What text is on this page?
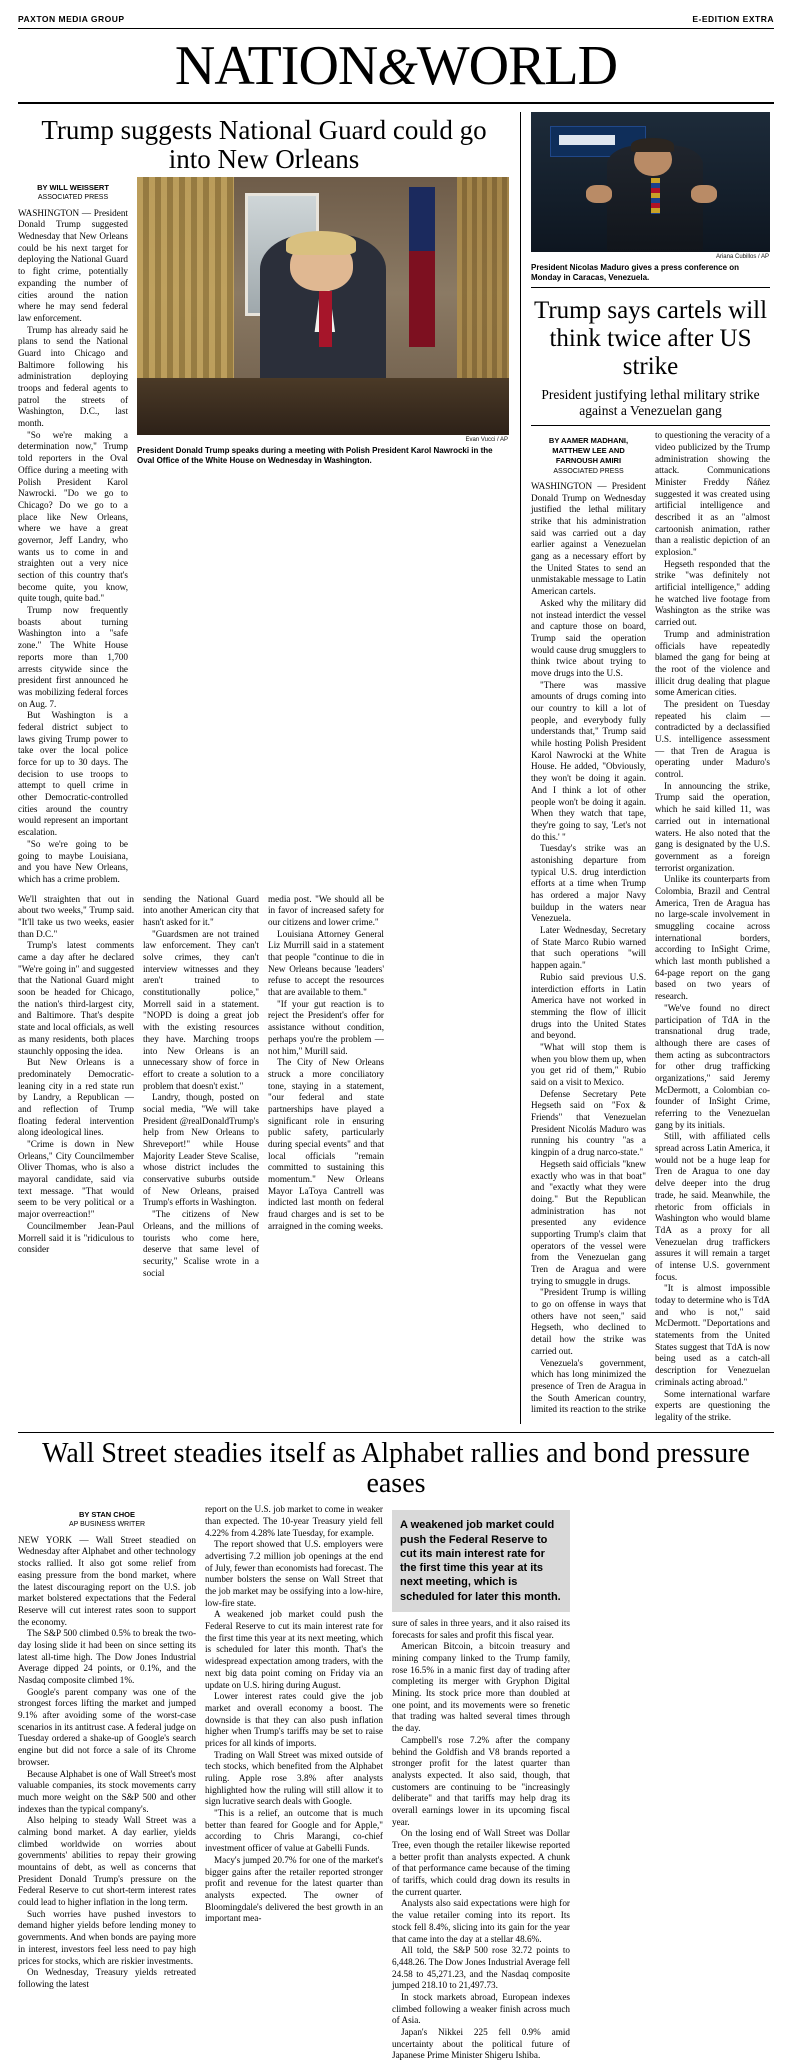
PAXTON MEDIA GROUP	E-EDITION EXTRA
NATION&WORLD
Trump suggests National Guard could go into New Orleans
BY WILL WEISSERT
ASSOCIATED PRESS

WASHINGTON — President Donald Trump suggested Wednesday that New Orleans could be his next target for deploying the National Guard to fight crime, potentially expanding the number of cities around the nation where he may send federal law enforcement.

Trump has already said he plans to send the National Guard into Chicago and Baltimore following his administration deploying troops and federal agents to patrol the streets of Washington, D.C., last month.

"So we're making a determination now," Trump told reporters in the Oval Office during a meeting with Polish President Karol Nawrocki. "Do we go to Chicago? Do we go to a place like New Orleans, where we have a great governor, Jeff Landry, who wants us to come in and straighten out a very nice section of this country that's become quite, you know, quite tough, quite bad."

Trump now frequently boasts about turning Washington into a "safe zone." The White House reports more than 1,700 arrests citywide since the president first announced he was mobilizing federal forces on Aug. 7.

But Washington is a federal district subject to laws giving Trump power to take over the local police force for up to 30 days. The decision to use troops to attempt to quell crime in other Democratic-controlled cities around the country would represent an important escalation.

"So we're going to be going to maybe Louisiana, and you have New Orleans, which has a crime problem.

Evan Vucci / AP
President Donald Trump speaks during a meeting with Polish President Karol Nawrocki in the Oval Office of the White House on Wednesday in Washington.

We'll straighten that out in about two weeks," Trump said. "It'll take us two weeks, easier than D.C."

Trump's latest comments came a day after he declared "We're going in" and suggested that the National Guard might soon be headed for Chicago, the nation's third-largest city, and Baltimore. That's despite state and local officials, as well as many residents, both places staunchly opposing the idea.

But New Orleans is a predominately Democratic-leaning city in a red state run by Landry, a Republican — and reflection of Trump floating federal intervention along ideological lines.

"Crime is down in New Orleans," City Councilmember Oliver Thomas, who is also a mayoral candidate, said via text message. "That would seem to be very political or a major overreaction!"

Councilmember Jean-Paul Morrell said it is "ridiculous to consider

sending the National Guard into another American city that hasn't asked for it."

"Guardsmen are not trained law enforcement. They can't solve crimes, they can't interview witnesses and they aren't trained to constitutionally police," Morrell said in a statement. "NOPD is doing a great job with the existing resources they have. Marching troops into New Orleans is an unnecessary show of force in effort to create a solution to a problem that doesn't exist."

Landry, though, posted on social media, "We will take President @realDonaldTrump's help from New Orleans to Shreveport!" while House Majority Leader Steve Scalise, whose district includes the conservative suburbs outside of New Orleans, praised Trump's efforts in Washington.

"The citizens of New Orleans, and the millions of tourists who come here, deserve that same level of security," Scalise wrote in a social

media post. "We should all be in favor of increased safety for our citizens and lower crime."

Louisiana Attorney General Liz Murrill said in a statement that people "continue to die in New Orleans because 'leaders' refuse to accept the resources that are available to them."

"If your gut reaction is to reject the President's offer for assistance without condition, perhaps you're the problem — not him," Murill said.

The City of New Orleans struck a more conciliatory tone, staying in a statement, "our federal and state partnerships have played a significant role in ensuring public safety, particularly during special events" and that local officials "remain committed to sustaining this momentum." New Orleans Mayor LaToya Cantrell was indicted last month on federal fraud charges and is set to be arraigned in the coming weeks.

Ariana Cubillos / AP
President Nicolas Maduro gives a press conference on Monday in Caracas, Venezuela.
Trump says cartels will think twice after US strike
President justifying lethal military strike against a Venezuelan gang
BY AAMER MADHANI, MATTHEW LEE AND FARNOUSH AMIRI
ASSOCIATED PRESS

WASHINGTON — President Donald Trump on Wednesday justified the lethal military strike that his administration said was carried out a day earlier against a Venezuelan gang as a necessary effort by the United States to send an unmistakable message to Latin American cartels.

Asked why the military did not instead interdict the vessel and capture those on board, Trump said the operation would cause drug smugglers to think twice about trying to move drugs into the U.S.

"There was massive amounts of drugs coming into our country to kill a lot of people, and everybody fully understands that," Trump said while hosting Polish President Karol Nawrocki at the White House. He added, "Obviously, they won't be doing it again. And I think a lot of other people won't be doing it again. When they watch that tape, they're going to say, 'Let's not do this.' "

Tuesday's strike was an astonishing departure from typical U.S. drug interdiction efforts at a time when Trump has ordered a major Navy buildup in the waters near Venezuela.

Later Wednesday, Secretary of State Marco Rubio warned that such operations "will happen again."

Rubio said previous U.S. interdiction efforts in Latin America have not worked in stemming the flow of illicit drugs into the United States and beyond.

"What will stop them is when you blow them up, when you get rid of them," Rubio said on a visit to Mexico.

Defense Secretary Pete Hegseth said on "Fox & Friends" that Venezuelan President Nicolás Maduro was running his country "as a kingpin of a drug narco-state."

Hegseth said officials "knew exactly who was in that boat" and "exactly what they were doing." But the Republican administration has not presented any evidence supporting Trump's claim that operators of the vessel were from the Venezuelan gang Tren de Aragua and were trying to smuggle in drugs.

"President Trump is willing to go on offense in ways that others have not seen," said Hegseth, who declined to detail how the strike was carried out.

Venezuela's government, which has long minimized the presence of Tren de Aragua in the South American country, limited its reaction to the strike to questioning the veracity of a video publicized by the Trump administration showing the attack. Communications Minister Freddy Ñáñez suggested it was created using artificial intelligence and described it as an "almost cartoonish animation, rather than a realistic depiction of an explosion."

Hegseth responded that the strike "was definitely not artificial intelligence," adding he watched live footage from Washington as the strike was carried out.

Trump and administration officials have repeatedly blamed the gang for being at the root of the violence and illicit drug dealing that plague some American cities.

The president on Tuesday repeated his claim — contradicted by a declassified U.S. intelligence assessment — that Tren de Aragua is operating under Maduro's control.

In announcing the strike, Trump said the operation, which he said killed 11, was carried out in international waters. He also noted that the gang is designated by the U.S. government as a foreign terrorist organization.

Unlike its counterparts from Colombia, Brazil and Central America, Tren de Aragua has no large-scale involvement in smuggling cocaine across international borders, according to InSight Crime, which last month published a 64-page report on the gang based on two years of research.

"We've found no direct participation of TdA in the transnational drug trade, although there are cases of them acting as subcontractors for other drug trafficking organizations," said Jeremy McDermott, a Colombian co-founder of InSight Crime, referring to the Venezuelan gang by its initials.

Still, with affiliated cells spread across Latin America, it would not be a huge leap for Tren de Aragua to one day delve deeper into the drug trade, he said. Meanwhile, the rhetoric from officials in Washington who would blame TdA as a proxy for all Venezuelan drug traffickers assures it will remain a target of intense U.S. government focus.

"It is almost impossible today to determine who is TdA and who is not," said McDermott. "Deportations and statements from the United States suggest that TdA is now being used as a catch-all description for Venezuelan criminals acting abroad."

Some international warfare experts are questioning the legality of the strike.

Wall Street steadies itself as Alphabet rallies and bond pressure eases
BY STAN CHOE
AP BUSINESS WRITER

NEW YORK — Wall Street steadied on Wednesday after Alphabet and other technology stocks rallied. It also got some relief from easing pressure from the bond market, where the latest discouraging report on the U.S. job market bolstered expectations that the Federal Reserve will cut interest rates soon to support the economy.

The S&P 500 climbed 0.5% to break the two-day losing slide it had been on since setting its latest all-time high. The Dow Jones Industrial Average dipped 24 points, or 0.1%, and the Nasdaq composite climbed 1%.

Google's parent company was one of the strongest forces lifting the market and jumped 9.1% after avoiding some of the worst-case scenarios in its antitrust case. A federal judge on Tuesday ordered a shake-up of Google's search engine but did not force a sale of its Chrome browser.

Because Alphabet is one of Wall Street's most valuable companies, its stock movements carry much more weight on the S&P 500 and other indexes than the typical company's.

Also helping to steady Wall Street was a calming bond market. A day earlier, yields climbed worldwide on worries about governments' abilities to repay their growing mountains of debt, as well as concerns that President Donald Trump's pressure on the Federal Reserve to cut short-term interest rates could lead to higher inflation in the long term.

Such worries have pushed investors to demand higher yields before lending money to governments. And when bonds are paying more in interest, investors feel less need to pay high prices for stocks, which are riskier investments.

On Wednesday, Treasury yields retreated following the latest

report on the U.S. job market to come in weaker than expected. The 10-year Treasury yield fell 4.22% from 4.28% late Tuesday, for example.

The report showed that U.S. employers were advertising 7.2 million job openings at the end of July, fewer than economists had forecast. The number bolsters the sense on Wall Street that the job market may be ossifying into a low-hire, low-fire state.

A weakened job market could push the Federal Reserve to cut its main interest rate for the first time this year at its next meeting, which is scheduled for later this month. That's the widespread expectation among traders, with the next big data point coming on Friday via an update on U.S. hiring during August.

Lower interest rates could give the job market and overall economy a boost. The downside is that they can also push inflation higher when Trump's tariffs may be set to raise prices for all kinds of imports.

Trading on Wall Street was mixed outside of tech stocks, which benefited from the Alphabet ruling. Apple rose 3.8% after analysts highlighted how the ruling will still allow it to sign lucrative search deals with Google.

"This is a relief, an outcome that is much better than feared for Google and for Apple," according to Chris Marangi, co-chief investment officer of value at Gabelli Funds.

Macy's jumped 20.7% for one of the market's bigger gains after the retailer reported stronger profit and revenue for the latest quarter than analysts expected. The owner of Bloomingdale's delivered the best growth in an important mea-

A weakened job market could push the Federal Reserve to cut its main interest rate for the first time this year at its next meeting, which is scheduled for later this month.

sure of sales in three years, and it also raised its forecasts for sales and profit this fiscal year.

American Bitcoin, a bitcoin treasury and mining company linked to the Trump family, rose 16.5% in a manic first day of trading after completing its merger with Gryphon Digital Mining. Its stock price more than doubled at one point, and its movements were so frenetic that trading was halted several times through the day.

Campbell's rose 7.2% after the company behind the Goldfish and V8 brands reported a stronger profit for the latest quarter than analysts expected. It also said, though, that customers are continuing to be "increasingly deliberate" and that tariffs may help drag its overall earnings lower in its upcoming fiscal year.

On the losing end of Wall Street was Dollar Tree, even though the retailer likewise reported a better profit than analysts expected. A chunk of that performance came because of the timing of tariffs, which could drag down its results in the current quarter.

Analysts also said expectations were high for the value retailer coming into its report. Its stock fell 8.4%, slicing into its gain for the year that came into the day at a stellar 48.6%.

All told, the S&P 500 rose 32.72 points to 6,448.26. The Dow Jones Industrial Average fell 24.58 to 45,271.23, and the Nasdaq composite jumped 218.10 to 21,497.73.

In stock markets abroad, European indexes climbed following a weaker finish across much of Asia.

Japan's Nikkei 225 fell 0.9% amid uncertainty about the political future of Japanese Prime Minister Shigeru Ishiba.
